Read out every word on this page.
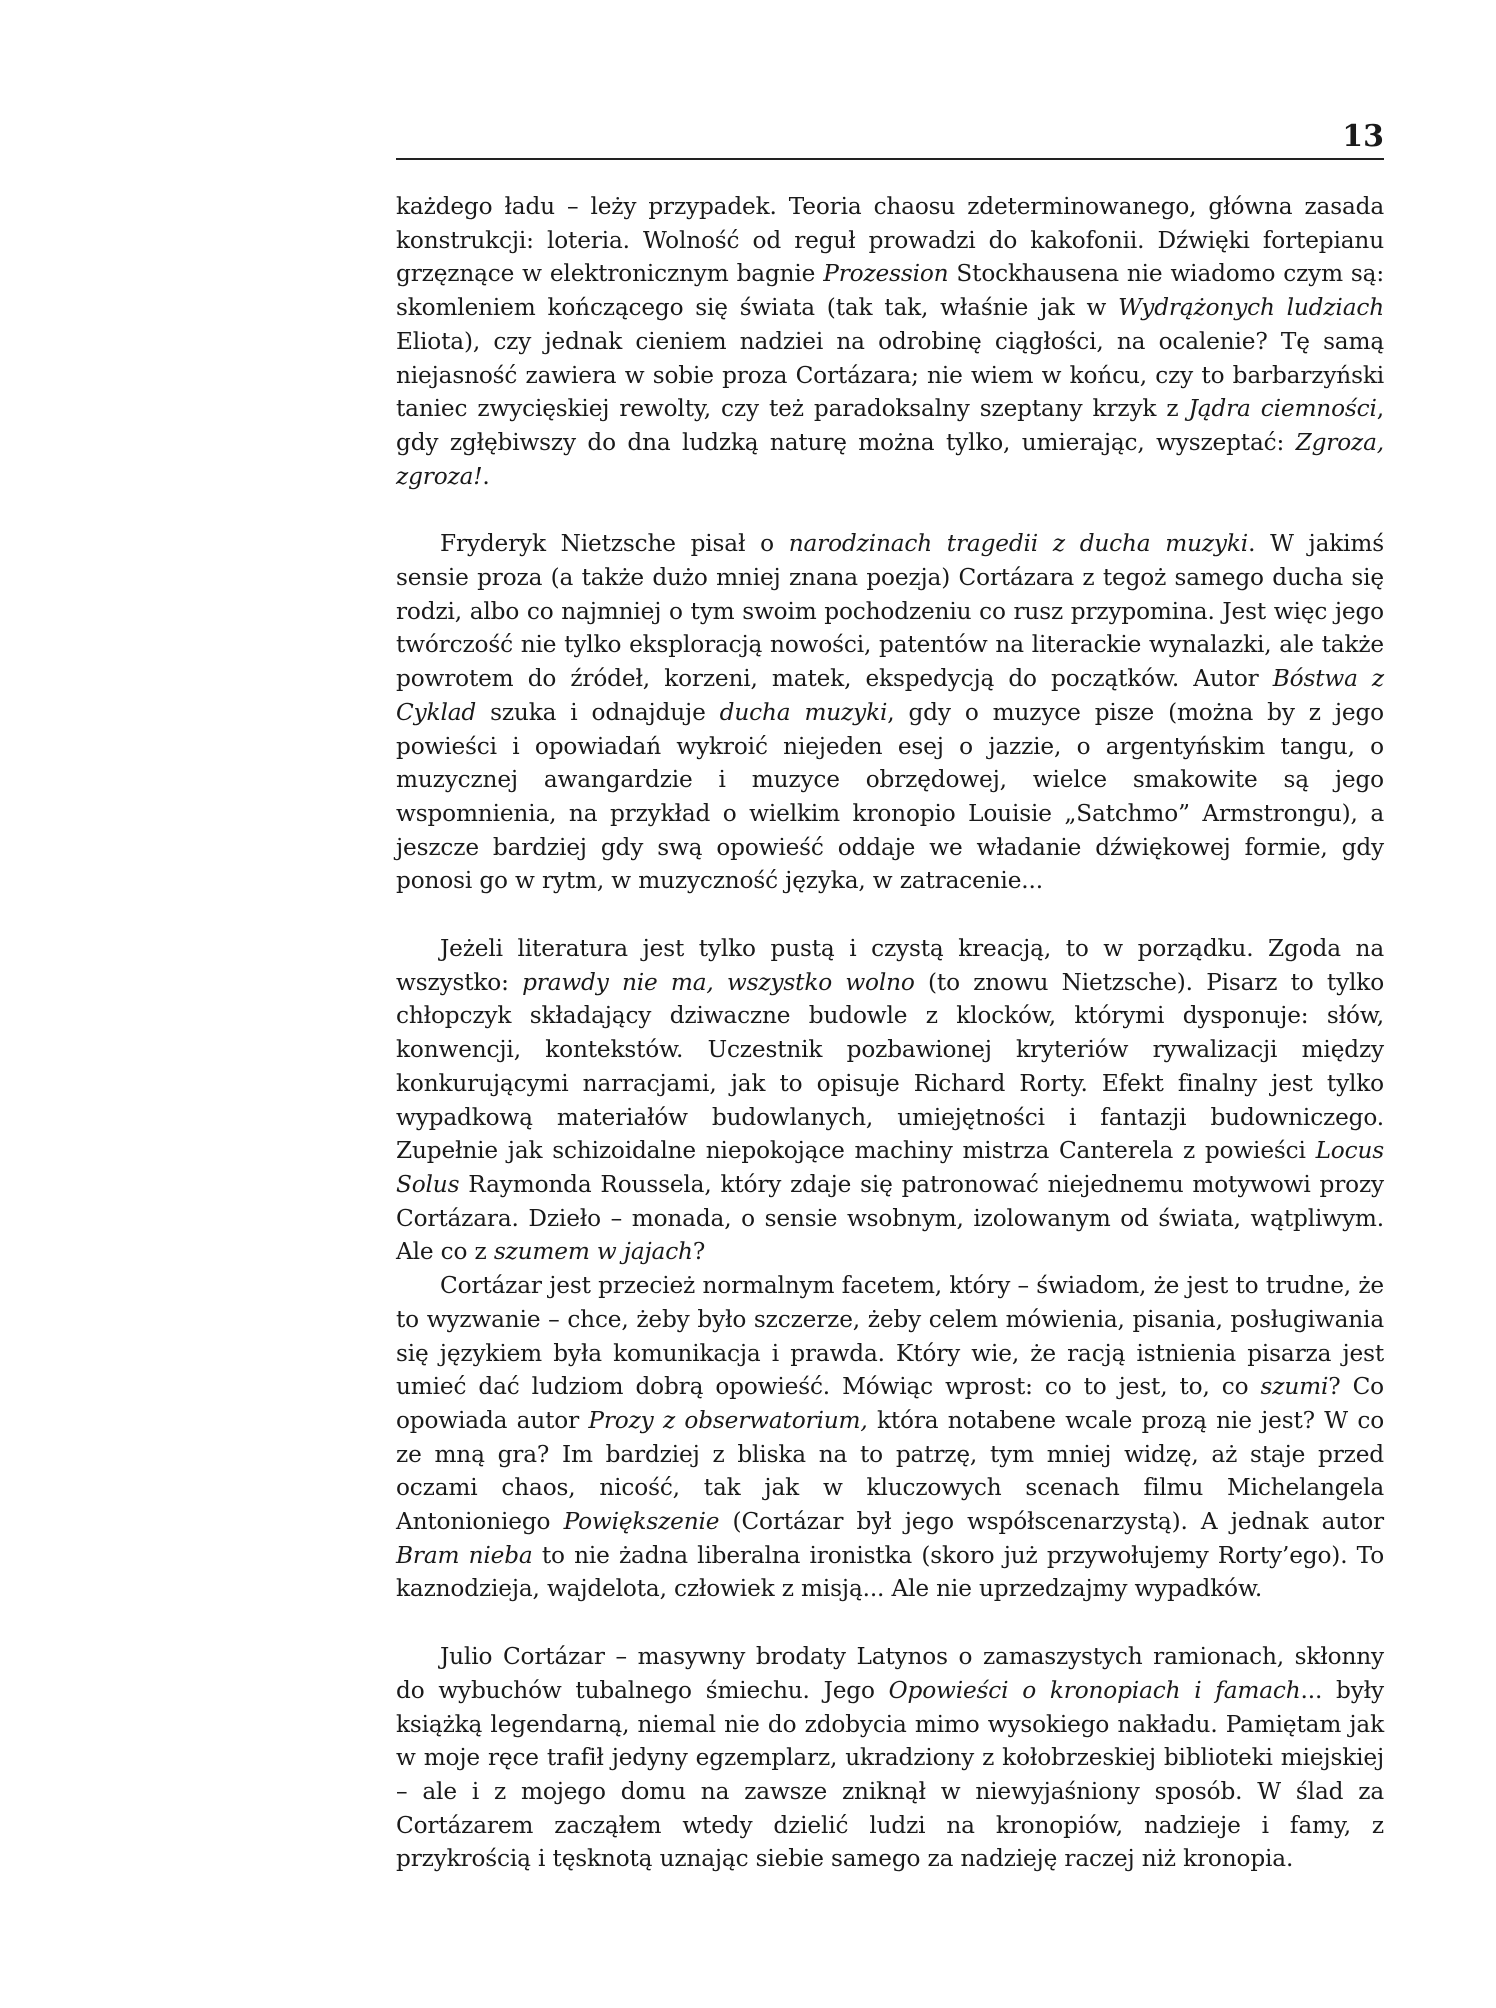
13

każdego ładu – leży przypadek. Teoria chaosu zdeterminowanego, główna zasada konstrukcji: loteria. Wolność od reguł prowadzi do kakofonii. Dźwięki fortepianu grzęznące w elektronicznym bagnie Prozession Stockhausena nie wiadomo czym są: skomleniem kończącego się świata (tak tak, właśnie jak w Wydrążonych ludziach Eliota), czy jednak cieniem nadziei na odrobinę ciągłości, na ocalenie? Tę samą niejasność zawiera w sobie proza Cortázara; nie wiem w końcu, czy to barbarzyński taniec zwycięskiej rewolty, czy też paradoksalny szeptany krzyk z Jądra ciemności, gdy zgłębiwszy do dna ludzką naturę można tylko, umierając, wyszeptać: Zgroza, zgroza!.

Fryderyk Nietzsche pisał o narodzinach tragedii z ducha muzyki. W jakimś sensie proza (a także dużo mniej znana poezja) Cortázara z tegoż samego ducha się rodzi, albo co najmniej o tym swoim pochodzeniu co rusz przypomina. Jest więc jego twórczość nie tylko eksploracją nowości, patentów na literackie wynalazki, ale także powrotem do źródeł, korzeni, matek, ekspedycją do początków. Autor Bóstwa z Cyklad szuka i odnajduje ducha muzyki, gdy o muzyce pisze (można by z jego powieści i opowiadań wykroić niejeden esej o jazzie, o argentyńskim tangu, o muzycznej awangardzie i muzyce obrzędowej, wielce smakowite są jego wspomnienia, na przykład o wielkim kronopio Louisie „Satchmo” Armstrongu), a jeszcze bardziej gdy swą opowieść oddaje we władanie dźwiękowej formie, gdy ponosi go w rytm, w muzyczność języka, w zatracenie...

Jeżeli literatura jest tylko pustą i czystą kreacją, to w porządku. Zgoda na wszystko: prawdy nie ma, wszystko wolno (to znowu Nietzsche). Pisarz to tylko chłopczyk składający dziwaczne budowle z klocków, którymi dysponuje: słów, konwencji, kontekstów. Uczestnik pozbawionej kryteriów rywalizacji między konkurującymi narracjami, jak to opisuje Richard Rorty. Efekt finalny jest tylko wypadkową materiałów budowlanych, umiejętności i fantazji budowniczego. Zupełnie jak schizoidalne niepokojące machiny mistrza Canterela z powieści Locus Solus Raymonda Roussela, który zdaje się patronować niejednemu motywowi prozy Cortázara. Dzieło – monada, o sensie wsobnym, izolowanym od świata, wątpliwym. Ale co z szumem w jajach?

Cortázar jest przecież normalnym facetem, który – świadom, że jest to trudne, że to wyzwanie – chce, żeby było szczerze, żeby celem mówienia, pisania, posługiwania się językiem była komunikacja i prawda. Który wie, że racją istnienia pisarza jest umieć dać ludziom dobrą opowieść. Mówiąc wprost: co to jest, to, co szumi? Co opowiada autor Prozy z obserwatorium, która notabene wcale prozą nie jest? W co ze mną gra? Im bardziej z bliska na to patrzę, tym mniej widzę, aż staje przed oczami chaos, nicość, tak jak w kluczowych scenach filmu Michelangela Antonioniego Powiększenie (Cortázar był jego współscenarzystą). A jednak autor Bram nieba to nie żadna liberalna ironistka (skoro już przywołujemy Rorty’ego). To kaznodzieja, wajdelota, człowiek z misją... Ale nie uprzedzajmy wypadków.

Julio Cortázar – masywny brodaty Latynos o zamaszystych ramionach, skłonny do wybuchów tubalnego śmiechu. Jego Opowieści o kronopiach i famach... były książką legendarną, niemal nie do zdobycia mimo wysokiego nakładu. Pamiętam jak w moje ręce trafił jedyny egzemplarz, ukradziony z kołobrzeskiej biblioteki miejskiej – ale i z mojego domu na zawsze zniknął w niewyjaśniony sposób. W ślad za Cortázarem zacząłem wtedy dzielić ludzi na kronopiów, nadzieje i famy, z przykrością i tęsknotą uznając siebie samego za nadzieję raczej niż kronopia.
